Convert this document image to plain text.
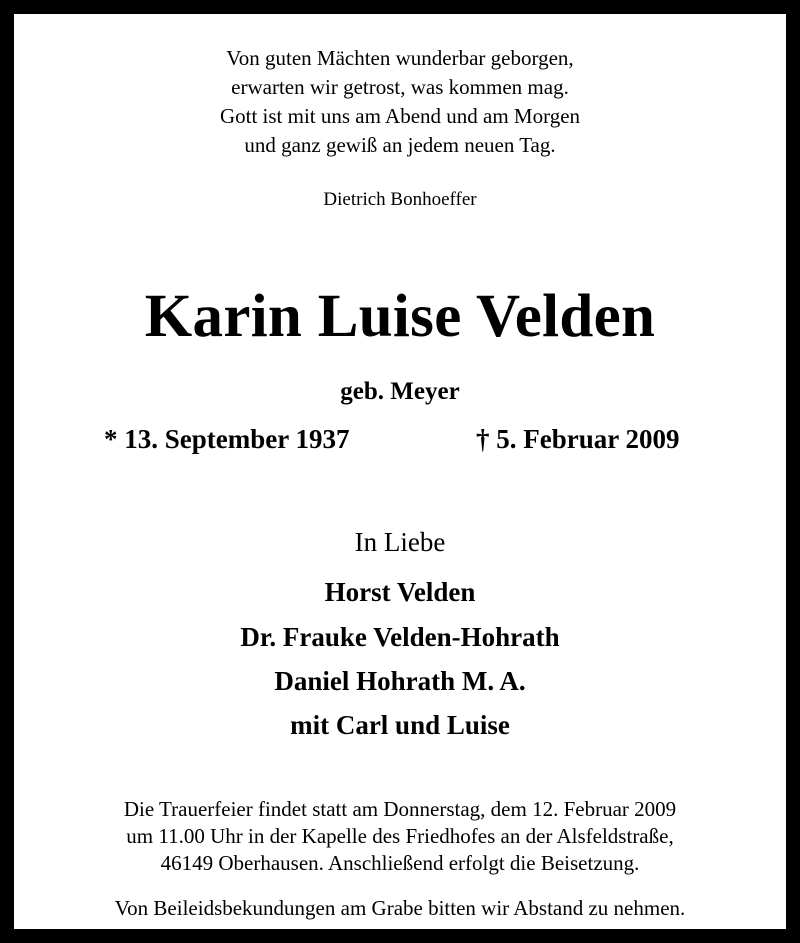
Von guten Mächten wunderbar geborgen,
erwarten wir getrost, was kommen mag.
Gott ist mit uns am Abend und am Morgen
und ganz gewiß an jedem neuen Tag.
Dietrich Bonhoeffer
Karin Luise Velden
geb. Meyer
* 13. September 1937	† 5. Februar 2009
In Liebe
Horst Velden
Dr. Frauke Velden-Hohrath
Daniel Hohrath M. A.
mit Carl und Luise
Die Trauerfeier findet statt am Donnerstag, dem 12. Februar 2009
um 11.00 Uhr in der Kapelle des Friedhofes an der Alsfeldstraße,
46149 Oberhausen. Anschließend erfolgt die Beisetzung.
Von Beileidsbekundungen am Grabe bitten wir Abstand zu nehmen.
